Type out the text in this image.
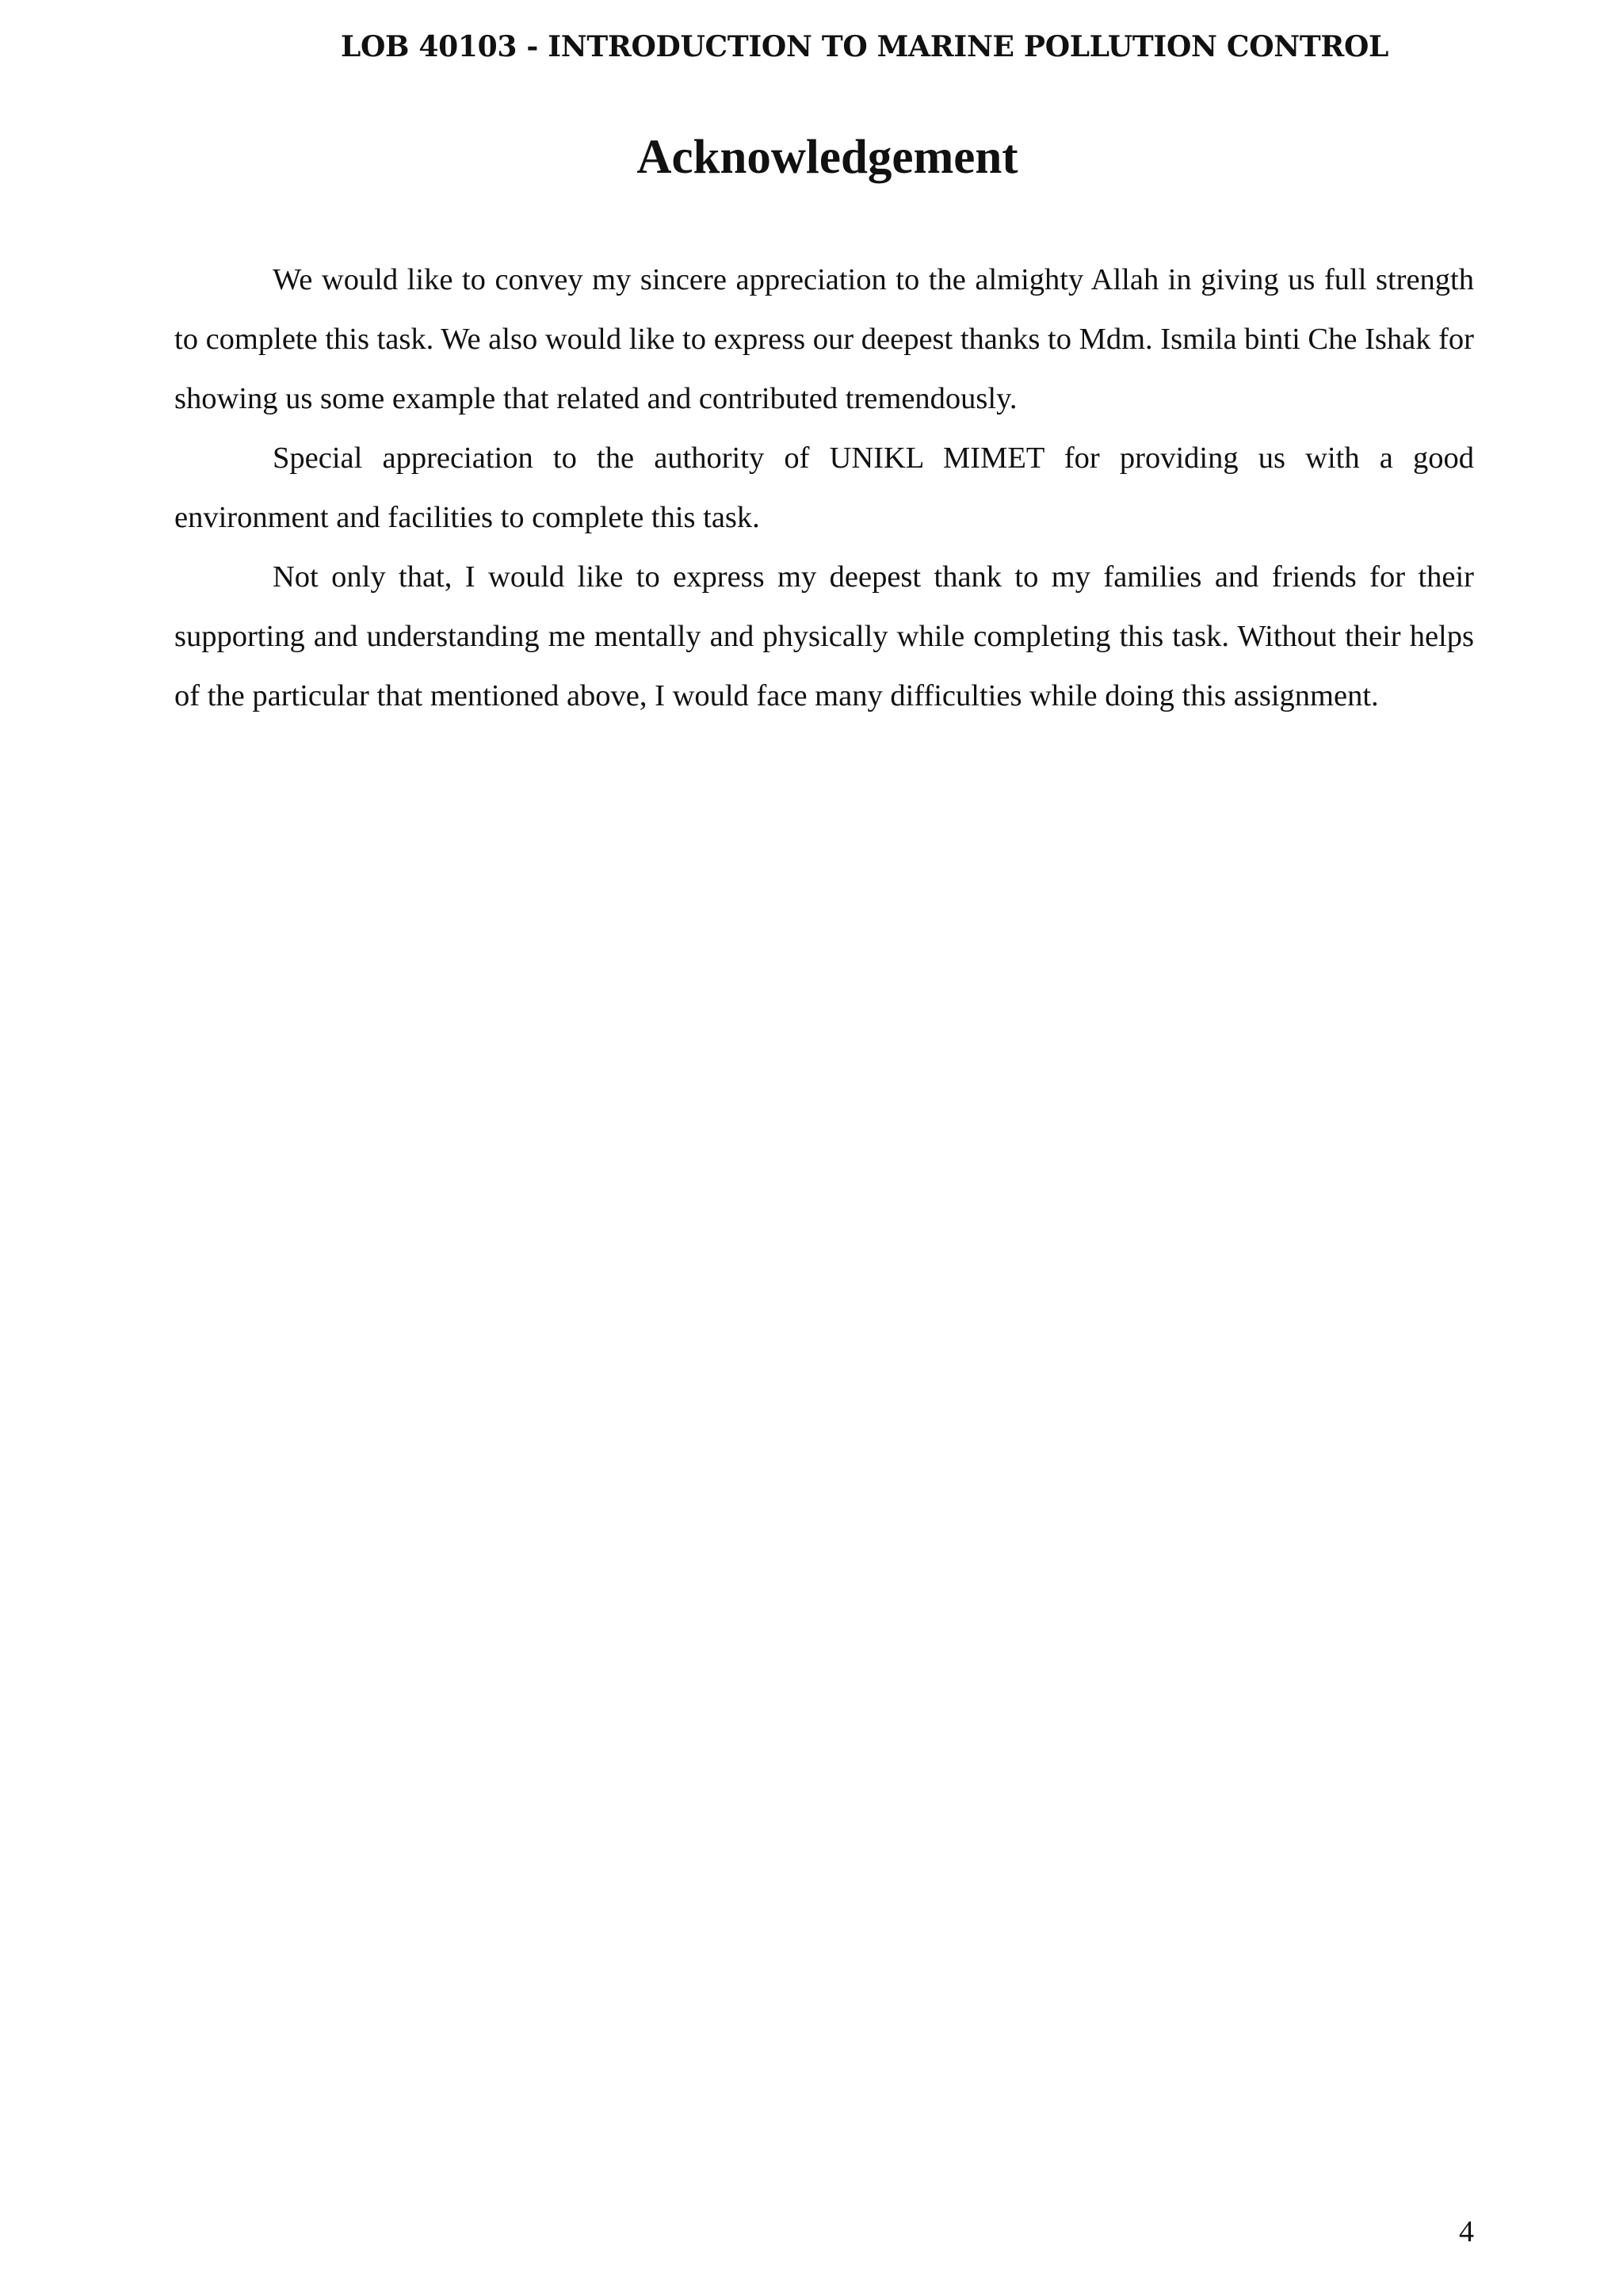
LOB 40103 - INTRODUCTION TO MARINE POLLUTION CONTROL
Acknowledgement

We would like to convey my sincere appreciation to the almighty Allah in giving us full strength to complete this task. We also would like to express our deepest thanks to Mdm. Ismila binti Che Ishak for showing us some example that related and contributed tremendously.

Special appreciation to the authority of UNIKL MIMET for providing us with a good environment and facilities to complete this task.

Not only that, I would like to express my deepest thank to my families and friends for their supporting and understanding me mentally and physically while completing this task. Without their helps of the particular that mentioned above, I would face many difficulties while doing this assignment.

4
